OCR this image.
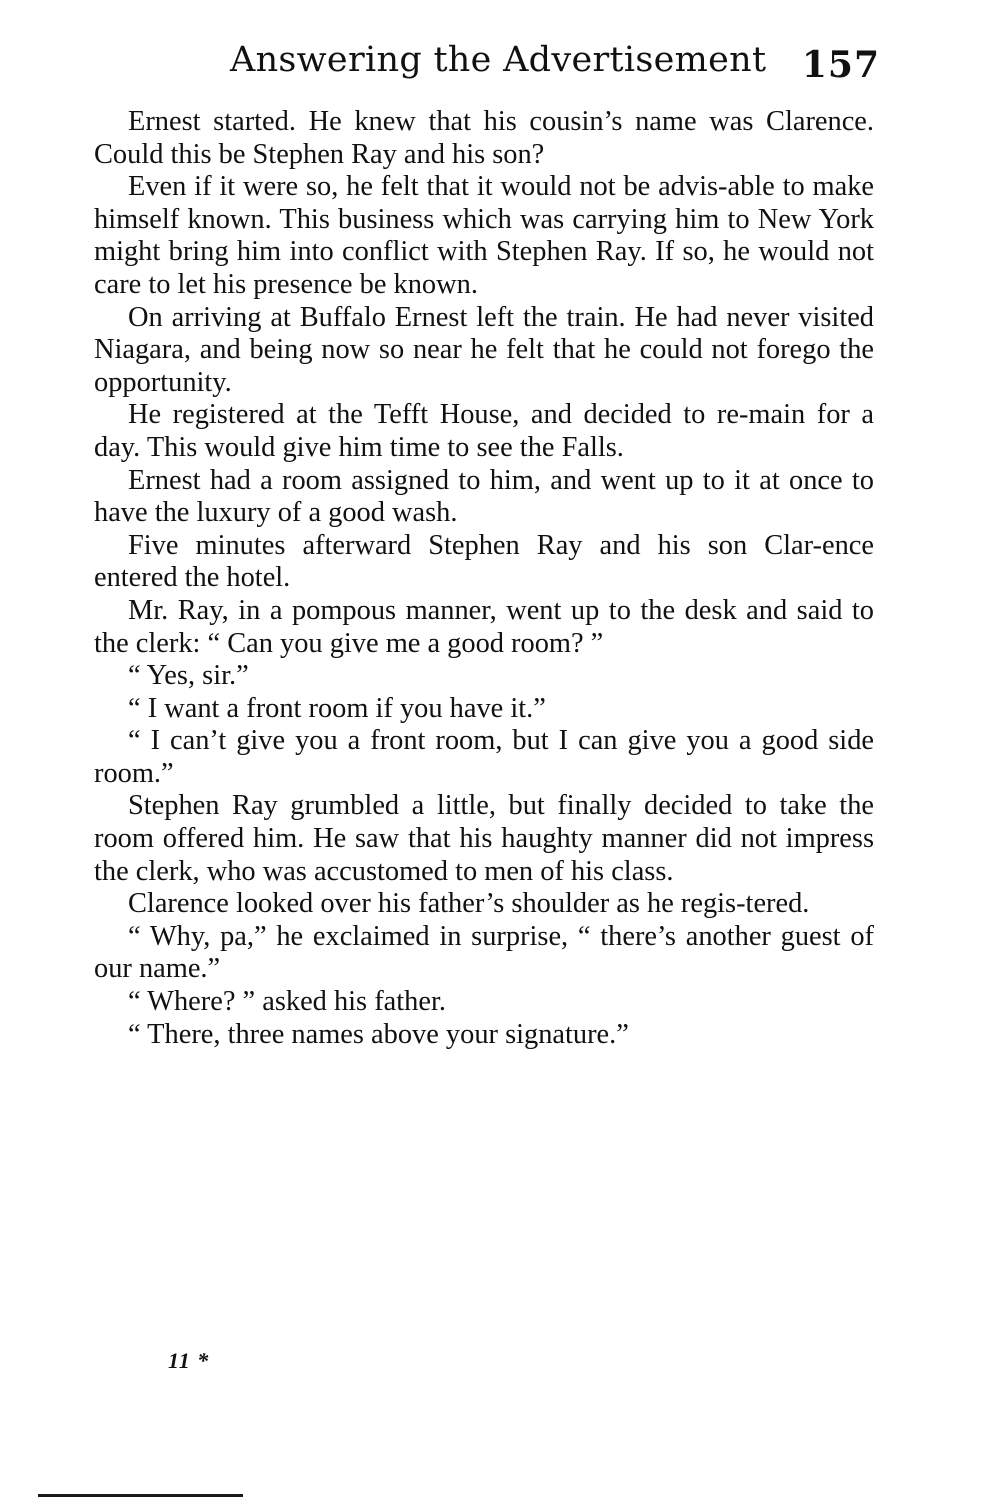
Answering the Advertisement 157

Ernest started. He knew that his cousin’s name was Clarence. Could this be Stephen Ray and his son?

Even if it were so, he felt that it would not be advis-able to make himself known. This business which was carrying him to New York might bring him into conflict with Stephen Ray. If so, he would not care to let his presence be known.

On arriving at Buffalo Ernest left the train. He had never visited Niagara, and being now so near he felt that he could not forego the opportunity.

He registered at the Tefft House, and decided to re-main for a day. This would give him time to see the Falls.

Ernest had a room assigned to him, and went up to it at once to have the luxury of a good wash.

Five minutes afterward Stephen Ray and his son Clar-ence entered the hotel.

Mr. Ray, in a pompous manner, went up to the desk and said to the clerk: “ Can you give me a good room? ”

“ Yes, sir.”

“ I want a front room if you have it.”

“ I can’t give you a front room, but I can give you a good side room.”

Stephen Ray grumbled a little, but finally decided to take the room offered him. He saw that his haughty manner did not impress the clerk, who was accustomed to men of his class.

Clarence looked over his father’s shoulder as he regis-tered.

“ Why, pa,” he exclaimed in surprise, “ there’s another guest of our name.”

“ Where? ” asked his father.

“ There, three names above your signature.”

11 *
